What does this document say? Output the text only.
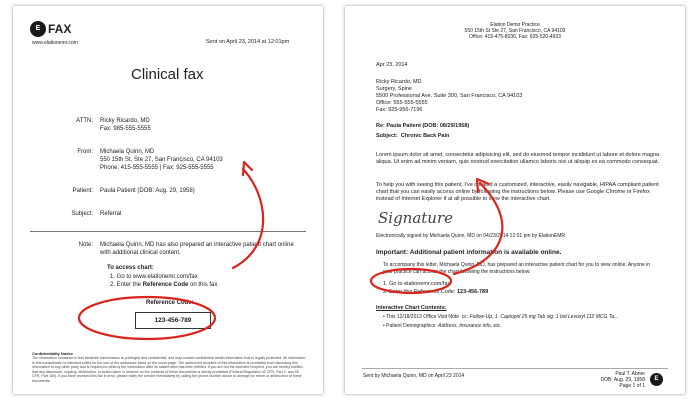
E FAX
www.elationemr.com	Sent on April 23, 2014 at 12:01pm
Clinical fax
ATTN: Ricky Ricardo, MD
Fax: 985-555-5555
From: Michaela Quinn, MD
550 15th St, Ste 27, San Francisco, CA 94103
Phone: 415-555-5555 | Fax: 925-555-5555
Patient: Paula Patient (DOB: Aug. 29, 1958)
Subject: Referral
Note: Michaela Quinn, MD has also prepared an interactive patient chart online
with additional clinical content.
To access chart:
1. Go to www.elationemr.com/fax
2. Enter the Reference Code on this fax
Reference Code:
123-456-789
Confidentiality Notice
The information contained in this facsimile transmission is privileged and confidential, and may contain confidential health information that is legally protected. All information in this transmission is intended solely for the use of the addressee listed on the cover page. The authorized recipient of this information is prohibited from disclosing this information to any other party and is required to destroy the information after its stated need has been fulfilled. If you are not the intended recipient, you are hereby notified that any disclosure, copying, distribution, or action taken in reliance on the contents of these documents is strictly prohibited (Federal Regulation 42 CFR, Part 2, and 45 CFR, Part 160). If you have received this fax in error, please notify the sender immediately by calling the phone number above to arrange for return or destruction of these documents.
Elation Demo Practice
550 15th St Ste 27, San Francisco, CA 94103
Office: 415-475-8036, Fax: 925-520-4933
Apr 23, 2014
Ricky Ricardo, MD
Surgery, Spine
5500 Professional Ave, Suite 300, San Francisco, CA 94103
Office: 555-555-5555
Fax: 925-956-7196
Re: Paula Patient (DOB: 08/29/1958)
Subject: Chronic Back Pain
Lorem ipsum dolor sit amet, consectetur adipisicing elit, sed do eiusmod tempor incididunt ut labore et dolore magna aliqua. Ut enim ad minim veniam, quis nostrud exercitation ullamco laboris nisi ut aliquip ex ea commodo consequat.
To help you with seeing this patient, I've created a customized, interactive, easily navigable, HIPAA compliant patient chart that you can easily access online by following the instructions below. Please use Google Chrome or Firefox instead of Internet Explorer if at all possible to view the interactive chart.
Signature
Electronically signed by Michaela Quinn, MD on 04/23/2014 12:01 pm by ElationEMR
Important: Additional patient information is available online.
To accompany this letter, Michaela Quinn, MD, has prepared an interactive patient chart for you to view online. Anyone in your practice can access the chart following the instructions below:
1. Go to elationemr.com/fax
2. Enter this Reference Code: 123-456-789
Interactive Chart Contents:
• This 12/18/2013 Office Visit Note cc: Follow-Up, 1. Captopril 25 mg Tab sig: 1 bid Levoxyl 112 MCG Ta...
• Patient Demographics Address, Insurance info, etc.
Sent by Michaela Quinn, MD on April 23 2014	Paul T. Abner
DOB: Aug. 29, 1958
Page 1 of 1
E
